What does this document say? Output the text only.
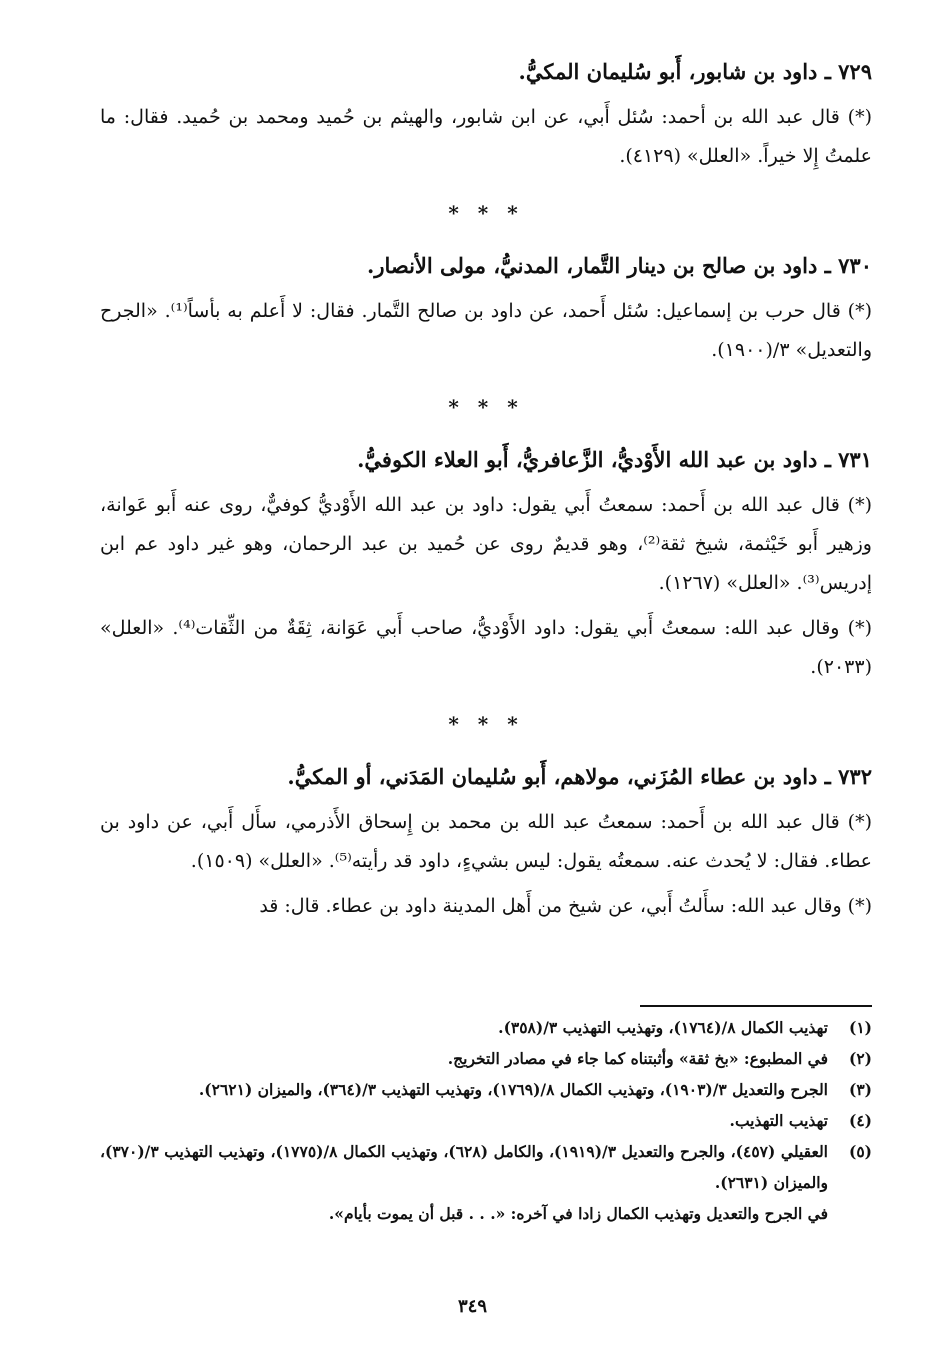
٧٢٩ ـ داود بن شابور، أَبو سُليمان المكيُّ.

(*) قال عبد الله بن أحمد: سُئل أَبي، عن ابن شابور، والهيثم بن حُميد ومحمد بن حُميد. فقال: ما علمتُ إِلا خيراً. «العلل» (٤١٢٩).

* * *
٧٣٠ ـ داود بن صالح بن دينار التَّمار، المدنيُّ، مولى الأنصار.

(*) قال حرب بن إسماعيل: سُئل أَحمد، عن داود بن صالح التَّمار. فقال: لا أَعلم به بأساً⁽¹⁾. «الجرح والتعديل» ٣/(١٩٠٠).

* * *
٧٣١ ـ داود بن عبد الله الأَوْديُّ، الزَّعافريُّ، أَبو العلاء الكوفيُّ.

(*) قال عبد الله بن أَحمد: سمعتُ أَبي يقول: داود بن عبد الله الأَوْديُّ كوفيٌّ، روى عنه أَبو عَوانة، وزهير أَبو خَيْثمة، شيخ ثقة⁽²⁾، وهو قديمٌ روى عن حُميد بن عبد الرحمان، وهو غير داود عم ابن إدريس⁽³⁾. «العلل» (١٢٦٧).

(*) وقال عبد الله: سمعتُ أَبي يقول: داود الأَوْديُّ، صاحب أَبي عَوَانة، ثِقَةٌ من الثِّقات⁽⁴⁾. «العلل» (٢٠٣٣).

* * *
٧٣٢ ـ داود بن عطاء المُزَني، مولاهم، أَبو سُليمان المَدَني، أو المكيُّ.

(*) قال عبد الله بن أَحمد: سمعتُ عبد الله بن محمد بن إِسحاق الأَذرمي، سأَل أَبي، عن داود بن عطاء. فقال: لا يُحدث عنه. سمعتُه يقول: ليس بشيءٍ، داود قد رأيته⁽⁵⁾. «العلل» (١٥٠٩).

(*) وقال عبد الله: سأَلتُ أَبي، عن شيخ من أَهل المدينة داود بن عطاء. قال: قد

(١)
تهذيب الكمال ٨/(١٧٦٤)، وتهذيب التهذيب ٣/(٣٥٨).
(٢)
في المطبوع: «بخ ثقة» وأثبتناه كما جاء في مصادر التخريج.
(٣)
الجرح والتعديل ٣/(١٩٠٣)، وتهذيب الكمال ٨/(١٧٦٩)، وتهذيب التهذيب ٣/(٣٦٤)، والميزان (٢٦٢١).
(٤)
تهذيب التهذيب.
(٥)
العقيلي (٤٥٧)، والجرح والتعديل ٣/(١٩١٩)، والكامل (٦٢٨)، وتهذيب الكمال ٨/(١٧٧٥)، وتهذيب التهذيب ٣/(٣٧٠)، والميزان (٢٦٣١).
في الجرح والتعديل وتهذيب الكمال زادا في آخره: «. . . قبل أن يموت بأيام».
٣٤٩
